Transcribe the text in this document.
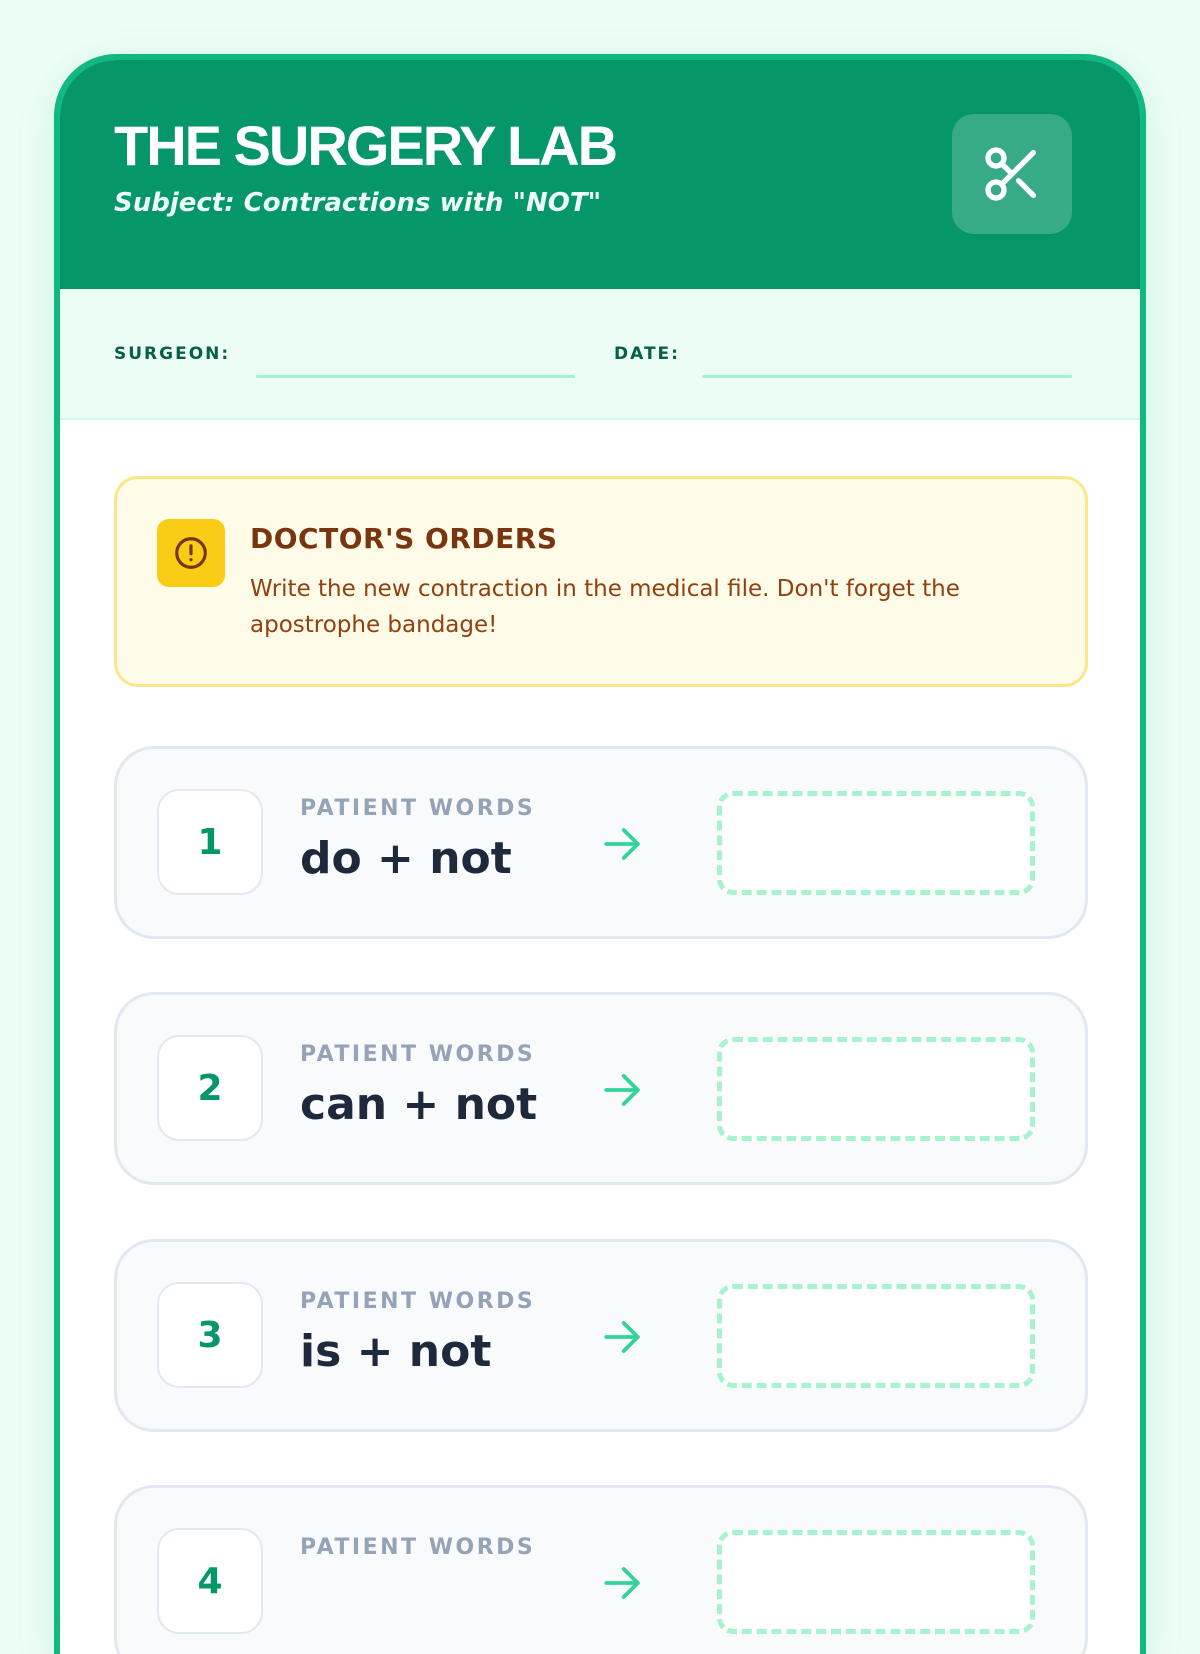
THE SURGERY LAB
Subject: Contractions with "NOT"
SURGEON:	DATE:
DOCTOR'S ORDERS
Write the new contraction in the medical file. Don't forget the apostrophe bandage!
1
PATIENT WORDS
do + not
2
PATIENT WORDS
can + not
3
PATIENT WORDS
is + not
4
PATIENT WORDS
